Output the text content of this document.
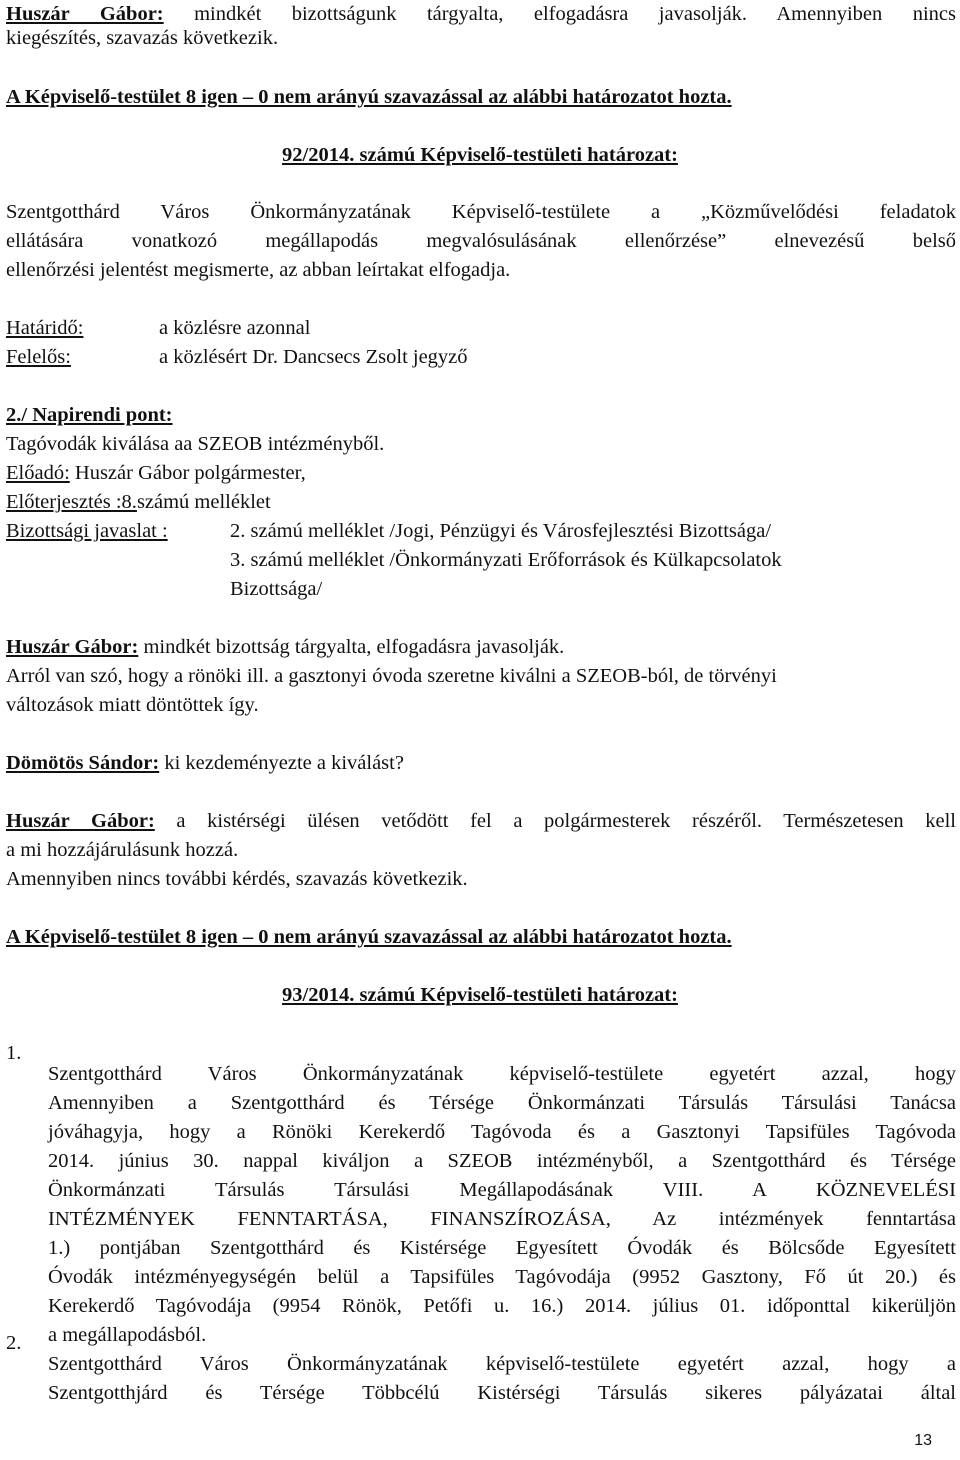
Huszár Gábor: mindkét bizottságunk tárgyalta, elfogadásra javasolják. Amennyiben nincs

kiegészítés, szavazás következik.

A Képviselő-testület 8 igen – 0 nem arányú szavazással az alábbi határozatot hozta.

92/2014. számú Képviselő-testületi határozat:

Szentgotthárd Város Önkormányzatának Képviselő-testülete a „Közművelődési feladatok

ellátására vonatkozó megállapodás megvalósulásának ellenőrzése” elnevezésű belső

ellenőrzési jelentést megismerte, az abban leírtakat elfogadja.

Határidő:	a közlésre azonnal

Felelős:	a közlésért Dr. Dancsecs Zsolt jegyző

2./ Napirendi pont:

Tagóvodák kiválása aa SZEOB intézményből.

Előadó: Huszár Gábor polgármester,

Előterjesztés :8.számú melléklet

Bizottsági javaslat :	2. számú melléklet /Jogi, Pénzügyi és Városfejlesztési Bizottsága/

3. számú melléklet /Önkormányzati Erőforrások és Külkapcsolatok

Bizottsága/

Huszár Gábor: mindkét bizottság tárgyalta, elfogadásra javasolják.

Arról van szó, hogy a rönöki ill. a gasztonyi óvoda szeretne kiválni a SZEOB-ból, de törvényi

változások miatt döntöttek így.

Dömötös Sándor: ki kezdeményezte a kiválást?

Huszár Gábor: a kistérségi ülésen vetődött fel a polgármesterek részéről. Természetesen kell

a mi hozzájárulásunk hozzá.

Amennyiben nincs további kérdés, szavazás következik.

A Képviselő-testület 8 igen – 0 nem arányú szavazással az alábbi határozatot hozta.

93/2014. számú Képviselő-testületi határozat:

1.

Szentgotthárd Város Önkormányzatának képviselő-testülete egyetért azzal, hogy

Amennyiben a Szentgotthárd és Térsége Önkormánzati Társulás Társulási Tanácsa

jóváhagyja, hogy a Rönöki Kerekerdő Tagóvoda és a Gasztonyi Tapsifüles Tagóvoda

2014. június 30. nappal kiváljon a SZEOB intézményből, a Szentgotthárd és Térsége

Önkormánzati Társulás Társulási Megállapodásának VIII. A KÖZNEVELÉSI

INTÉZMÉNYEK FENNTARTÁSA, FINANSZÍROZÁSA, Az intézmények fenntartása

1.) pontjában Szentgotthárd és Kistérsége Egyesített Óvodák és Bölcsőde Egyesített

Óvodák intézményegységén belül a Tapsifüles Tagóvodája (9952 Gasztony, Fő út 20.) és

Kerekerdő Tagóvodája (9954 Rönök, Petőfi u. 16.) 2014. július 01. időponttal kikerüljön

a megállapodásból.

2.

Szentgotthárd Város Önkormányzatának képviselő-testülete egyetért azzal, hogy a

Szentgotthjárd és Térsége Többcélú Kistérségi Társulás sikeres pályázatai által

13
